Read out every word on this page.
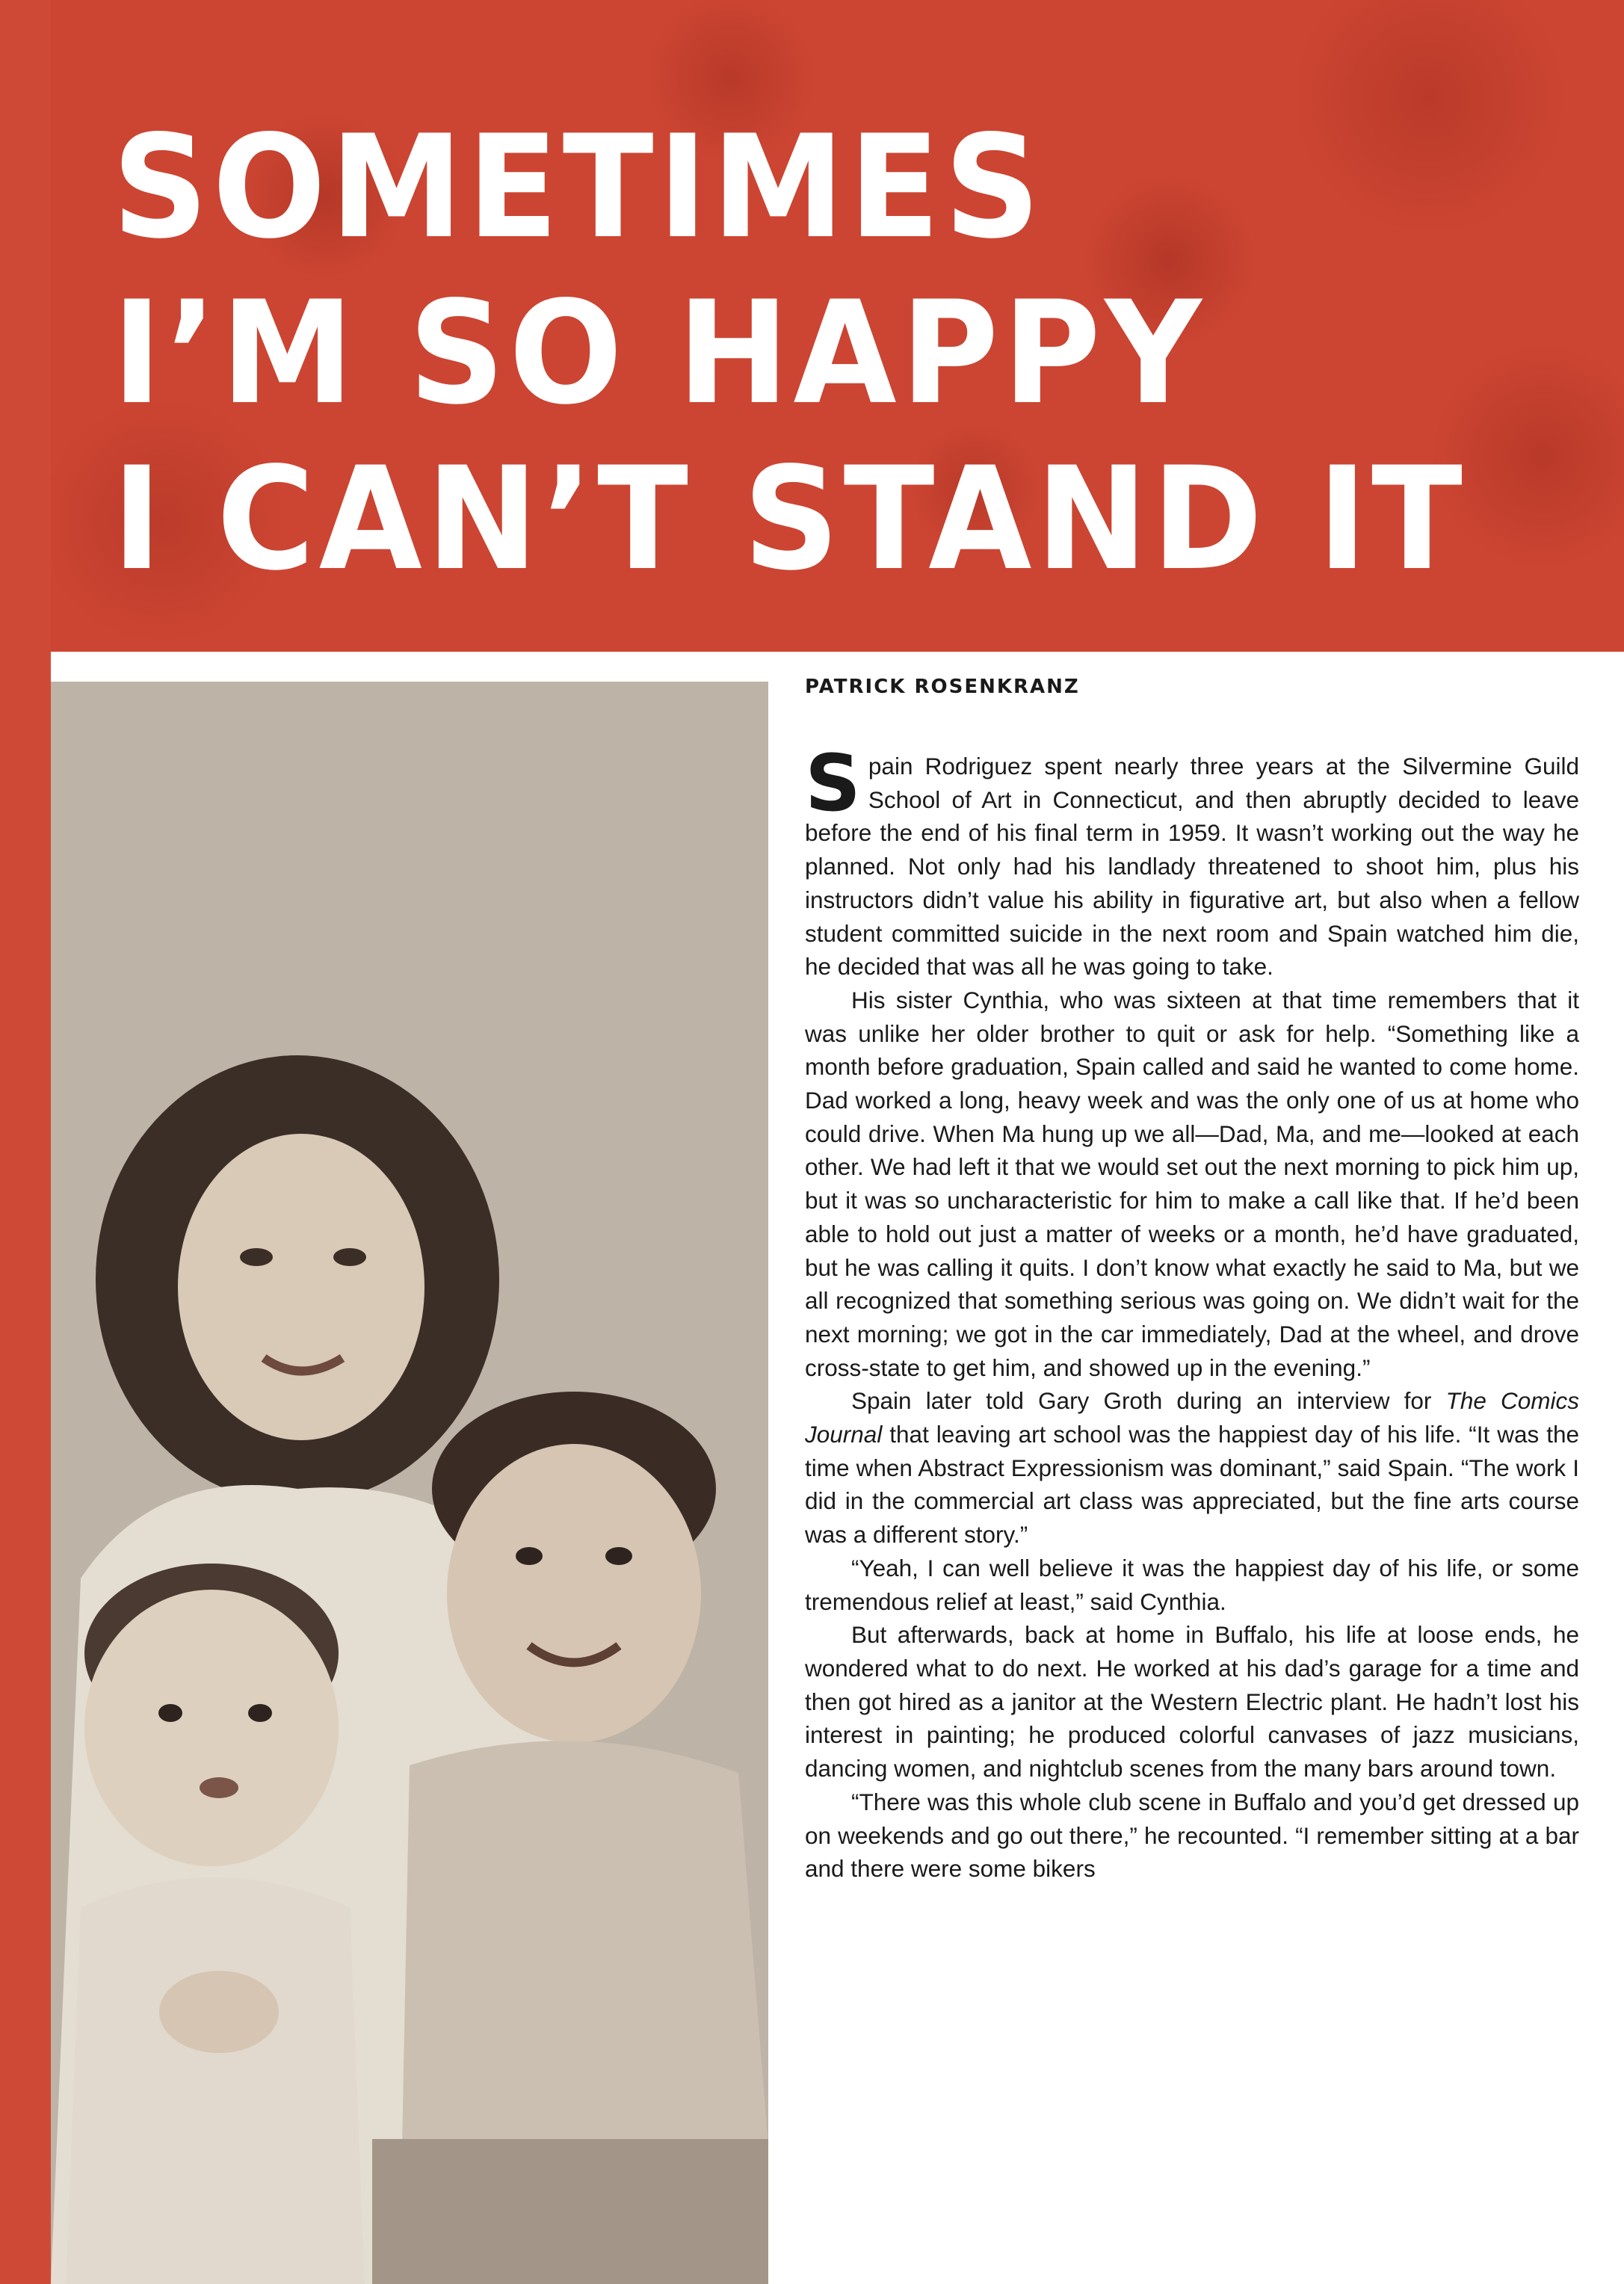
SOMETIMES
I’M SO HAPPY
I CAN’T STAND IT
PATRICK ROSENKRANZ

Spain Rodriguez spent nearly three years at the Silvermine Guild School of Art in Connecticut, and then abruptly decided to leave before the end of his final term in 1959. It wasn’t working out the way he planned. Not only had his landlady threatened to shoot him, plus his instructors didn’t value his ability in figurative art, but also when a fellow student committed suicide in the next room and Spain watched him die, he decided that was all he was going to take.

His sister Cynthia, who was sixteen at that time remembers that it was unlike her older brother to quit or ask for help. “Something like a month before graduation, Spain called and said he wanted to come home. Dad worked a long, heavy week and was the only one of us at home who could drive. When Ma hung up we all—Dad, Ma, and me—looked at each other. We had left it that we would set out the next morning to pick him up, but it was so uncharacteristic for him to make a call like that. If he’d been able to hold out just a matter of weeks or a month, he’d have graduated, but he was calling it quits. I don’t know what exactly he said to Ma, but we all recognized that something serious was going on. We didn’t wait for the next morning; we got in the car immediately, Dad at the wheel, and drove cross-state to get him, and showed up in the evening.”

Spain later told Gary Groth during an interview for The Comics Journal that leaving art school was the happiest day of his life. “It was the time when Abstract Expressionism was dominant,” said Spain. “The work I did in the commercial art class was appreciated, but the fine arts course was a different story.”

“Yeah, I can well believe it was the happiest day of his life, or some tremendous relief at least,” said Cynthia.

But afterwards, back at home in Buffalo, his life at loose ends, he wondered what to do next. He worked at his dad’s garage for a time and then got hired as a janitor at the Western Electric plant. He hadn’t lost his interest in painting; he produced colorful canvases of jazz musicians, dancing women, and nightclub scenes from the many bars around town.

“There was this whole club scene in Buffalo and you’d get dressed up on weekends and go out there,” he recounted. “I remember sitting at a bar and there were some bikers
